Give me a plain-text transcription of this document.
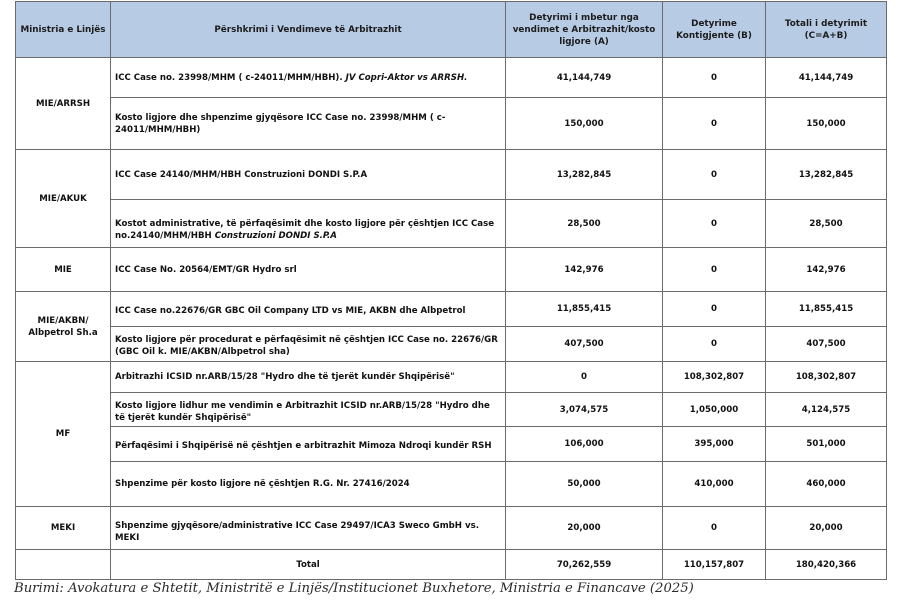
Ministria e Linjës	Përshkrimi i Vendimeve të Arbitrazhit	Detyrimi i mbetur nga vendimet e Arbitrazhit/kosto ligjore (A)	Detyrime Kontigjente (B)	Totali i detyrimit (C=A+B)
MIE/ARRSH	ICC Case no. 23998/MHM ( c-24011/MHM/HBH). JV Copri-Aktor vs ARRSH.	41,144,749	0	41,144,749
	Kosto ligjore dhe shpenzime gjyqësore ICC Case no. 23998/MHM ( c-24011/MHM/HBH)	150,000	0	150,000
MIE/AKUK	ICC Case 24140/MHM/HBH Construzioni DONDI S.P.A	13,282,845	0	13,282,845
	Kostot administrative, të përfaqësimit dhe kosto ligjore për çështjen ICC Case no.24140/MHM/HBH Construzioni DONDI S.P.A	28,500	0	28,500
MIE	ICC Case No. 20564/EMT/GR Hydro srl	142,976	0	142,976
MIE/AKBN/ Albpetrol Sh.a	ICC Case no.22676/GR GBC Oil Company LTD vs MIE, AKBN dhe Albpetrol	11,855,415	0	11,855,415
	Kosto ligjore për procedurat e përfaqësimit në çështjen ICC Case no. 22676/GR (GBC Oil k. MIE/AKBN/Albpetrol sha)	407,500	0	407,500
MF	Arbitrazhi ICSID nr.ARB/15/28 "Hydro dhe të tjerët kundër Shqipërisë"	0	108,302,807	108,302,807
	Kosto ligjore lidhur me vendimin e Arbitrazhit ICSID nr.ARB/15/28 "Hydro dhe të tjerët kundër Shqipërisë"	3,074,575	1,050,000	4,124,575
	Përfaqësimi i Shqipërisë në çështjen e arbitrazhit Mimoza Ndroqi kundër RSH	106,000	395,000	501,000
	Shpenzime për kosto ligjore në çështjen R.G. Nr. 27416/2024	50,000	410,000	460,000
MEKI	Shpenzime gjyqësore/administrative ICC Case 29497/ICA3 Sweco GmbH vs. MEKI	20,000	0	20,000
	Total	70,262,559	110,157,807	180,420,366
Burimi: Avokatura e Shtetit, Ministritë e Linjës/Institucionet Buxhetore, Ministria e Financave (2025)
